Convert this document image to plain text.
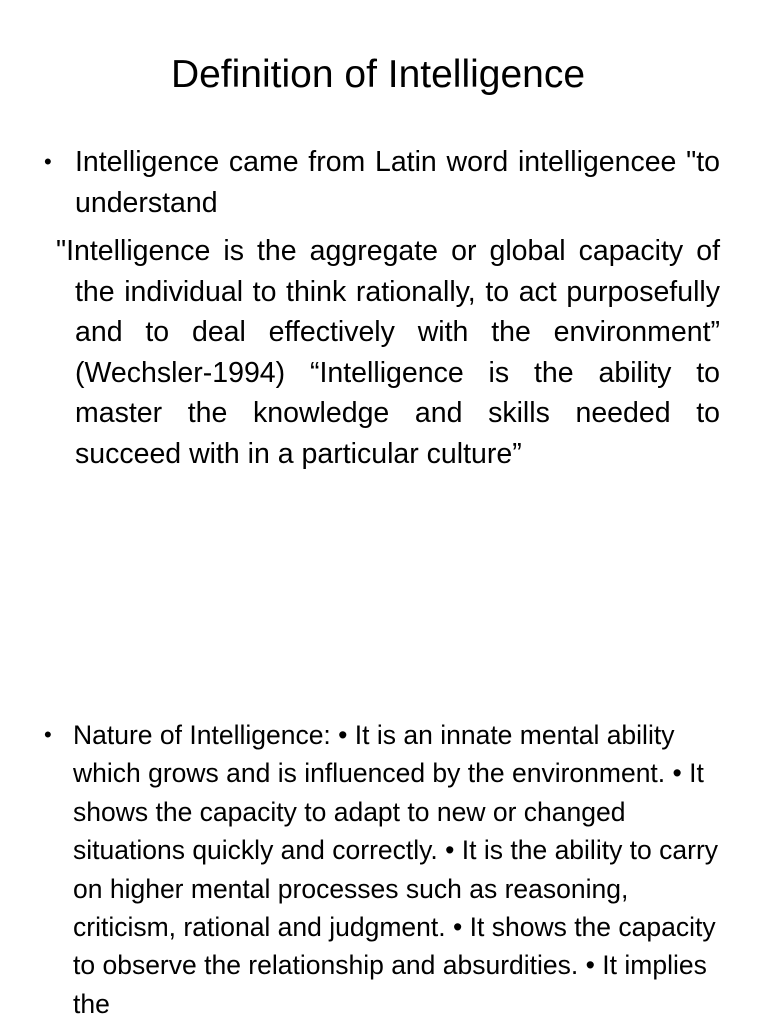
Definition of Intelligence
• Intelligence came from Latin word intelligencee "to understand
"Intelligence is the aggregate or global capacity of the individual to think rationally, to act purposefully and to deal effectively with the environment” (Wechsler-1994) “Intelligence is the ability to master the knowledge and skills needed to succeed with in a particular culture”
• Nature of Intelligence: • It is an innate mental ability which grows and is influenced by the environment. • It shows the capacity to adapt to new or changed situations quickly and correctly. • It is the ability to carry on higher mental processes such as reasoning, criticism, rational and judgment. • It shows the capacity to observe the relationship and absurdities. • It implies the
